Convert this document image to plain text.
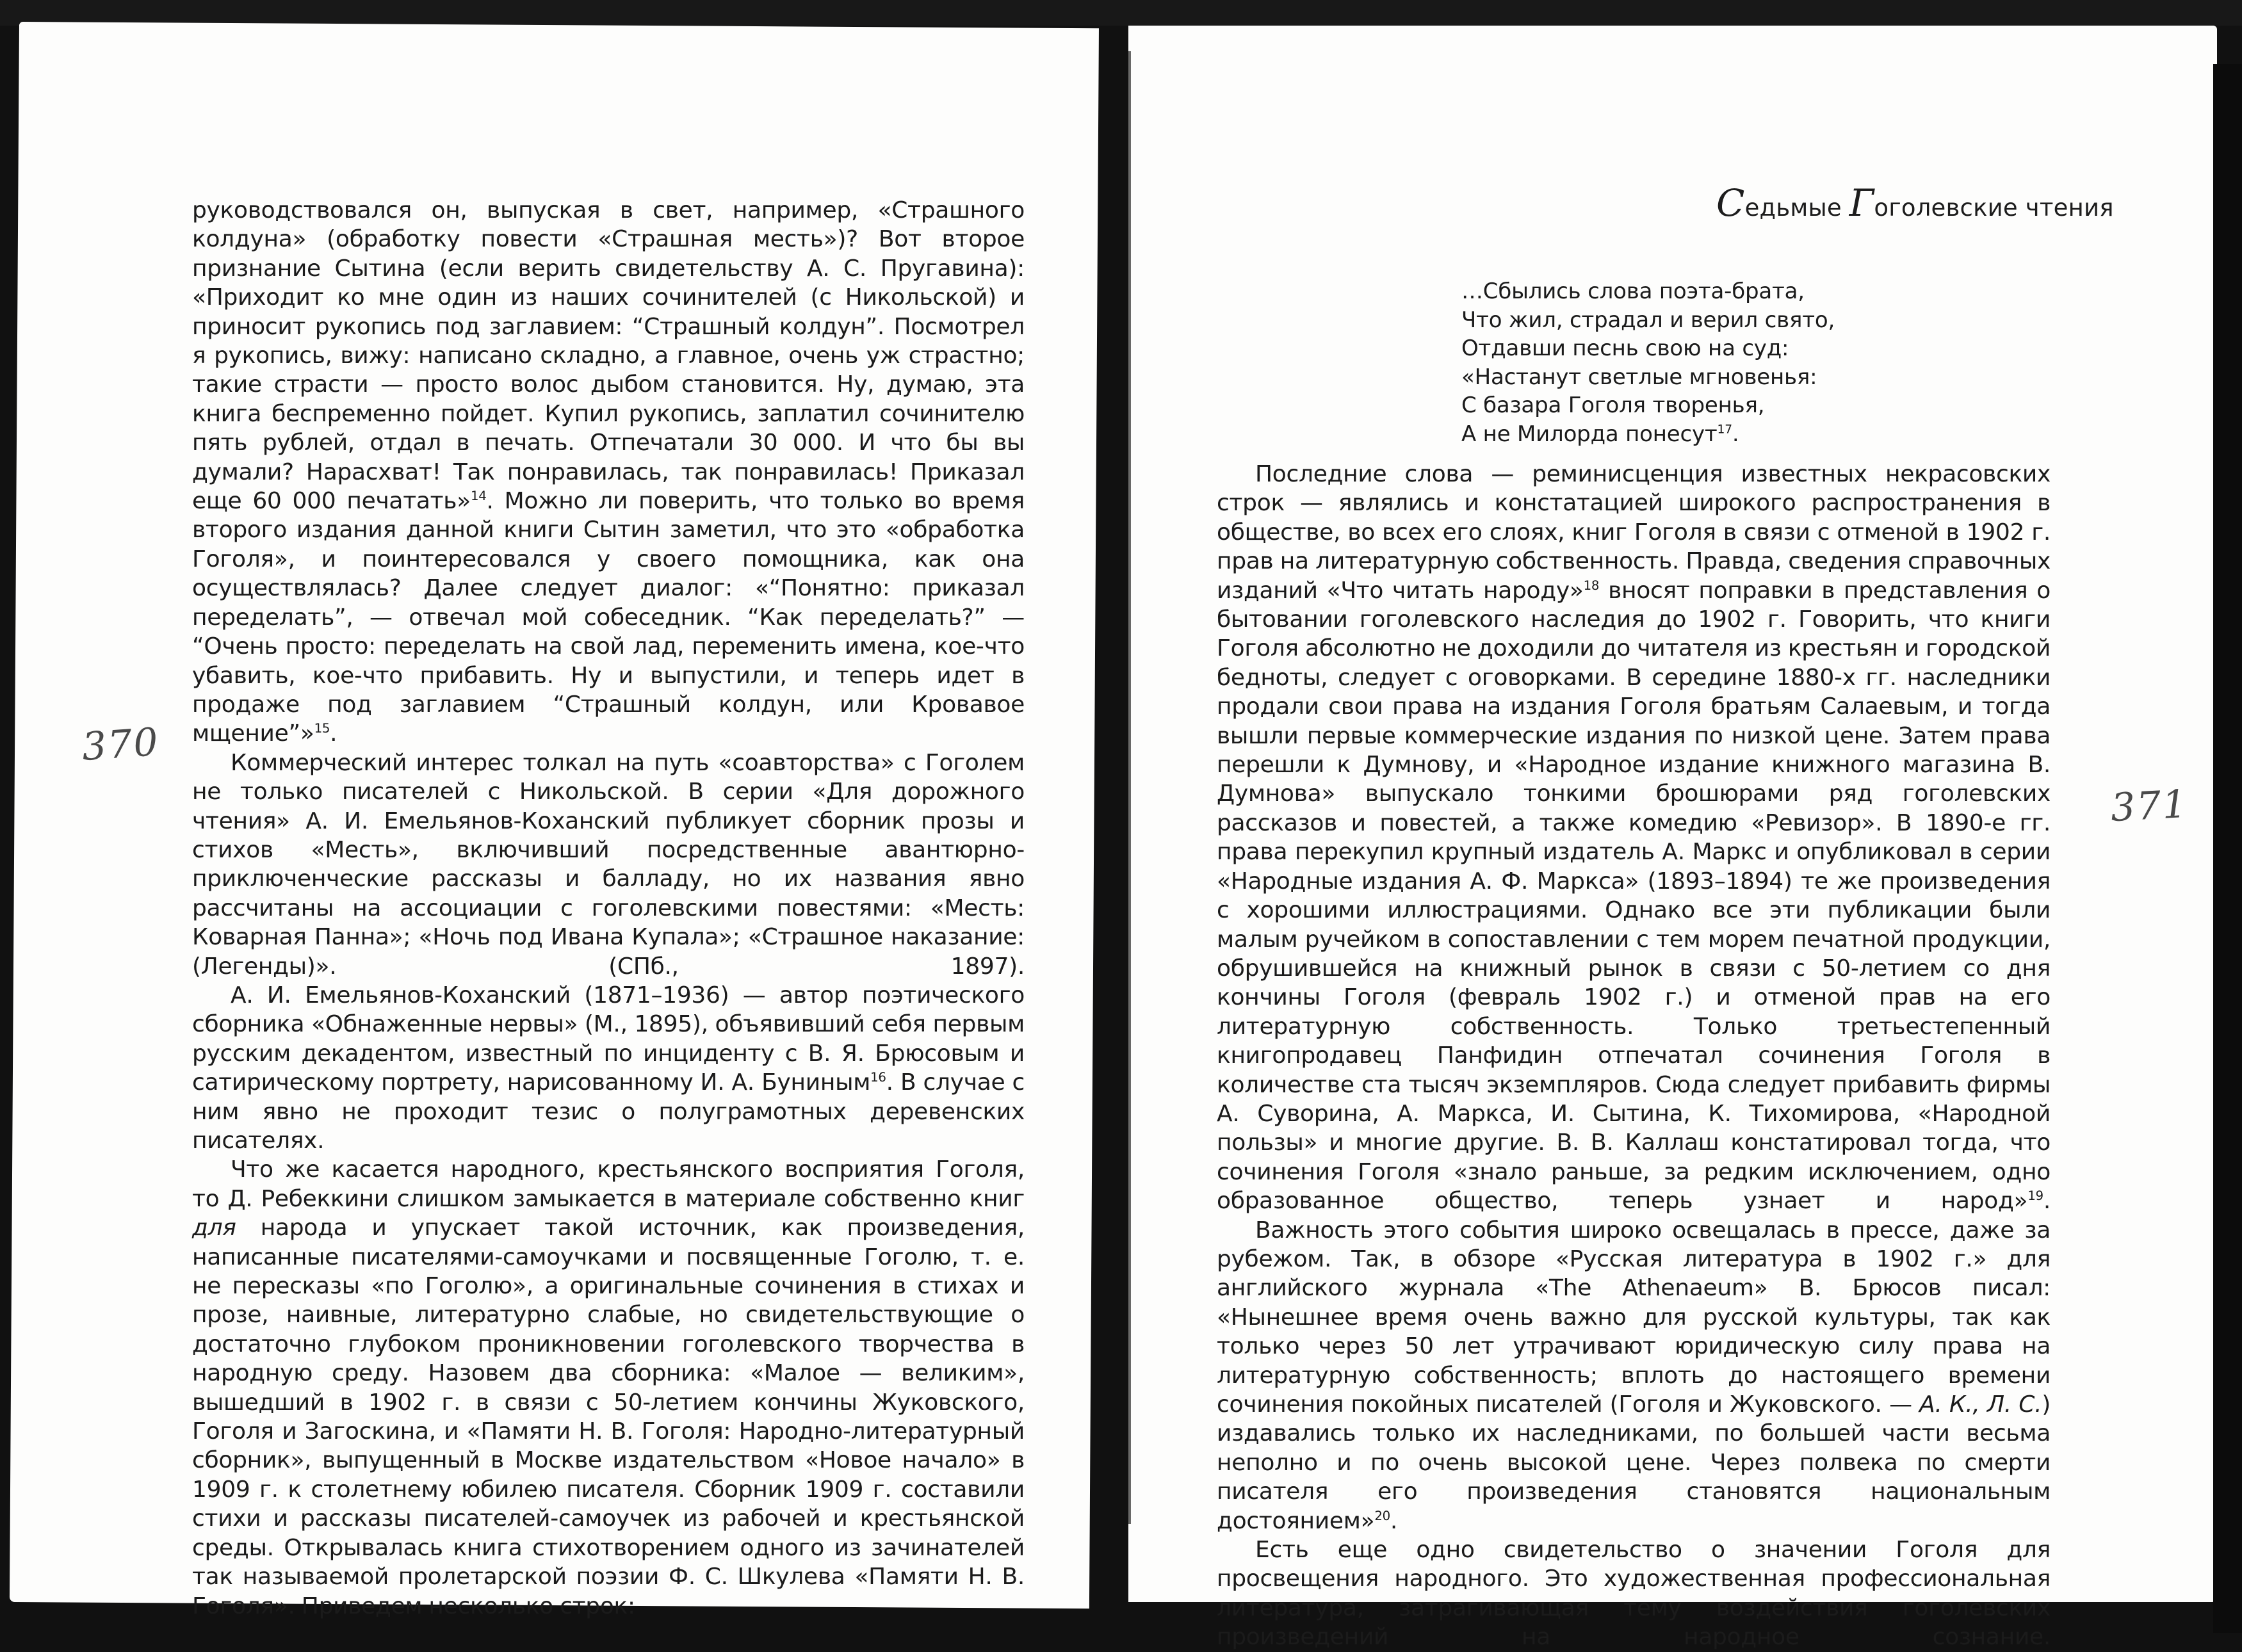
руководствовался он, выпуская в свет, например, «Страшного колдуна» (обработку повести «Страшная месть»)? Вот второе признание Сытина (если верить свидетельству А. С. Пругавина): «Приходит ко мне один из наших сочинителей (с Никольской) и приносит рукопись под заглавием: “Страшный колдун”. Посмотрел я рукопись, вижу: написано складно, а главное, очень уж страстно; такие страсти — просто волос дыбом становится. Ну, думаю, эта книга беспременно пойдет. Купил рукопись, заплатил сочинителю пять рублей, отдал в печать. Отпечатали 30 000. И что бы вы думали? Нарасхват! Так понравилась, так понравилась! Приказал еще 60 000 печатать»$^{14}$. Можно ли поверить, что только во время второго издания данной книги Сытин заметил, что это «обработка Гоголя», и поинтересовался у своего помощника, как она осуществлялась? Далее следует диалог: «“Понятно: приказал переделать”, — отвечал мой собеседник. “Как переделать?” — “Очень просто: переделать на свой лад, переменить имена, кое-что убавить, кое-что прибавить. Ну и выпустили, и теперь идет в продаже под заглавием “Страшный колдун, или Кровавое мщение”»$^{15}$.

Коммерческий интерес толкал на путь «соавторства» с Гоголем не только писателей с Никольской. В серии «Для дорожного чтения» А. И. Емельянов-Коханский публикует сборник прозы и стихов «Месть», включивший посредственные авантюрно-приключенческие рассказы и балладу, но их названия явно рассчитаны на ассоциации с гоголевскими повестями: «Месть: Коварная Панна»; «Ночь под Ивана Купала»; «Страшное наказание: (Легенды)». (СПб., 1897).

А. И. Емельянов-Коханский (1871–1936) — автор поэтического сборника «Обнаженные нервы» (М., 1895), объявивший себя первым русским декадентом, известный по инциденту с В. Я. Брюсовым и сатирическому портрету, нарисованному И. А. Буниным$^{16}$. В случае с ним явно не проходит тезис о полуграмотных деревенских писателях.

Что же касается народного, крестьянского восприятия Гоголя, то Д. Ребеккини слишком замыкается в материале собственно книг для народа и упускает такой источник, как произведения, написанные писателями-самоучками и посвященные Гоголю, т. е. не пересказы «по Гоголю», а оригинальные сочинения в стихах и прозе, наивные, литературно слабые, но свидетельствующие о достаточно глубоком проникновении гоголевского творчества в народную среду. Назовем два сборника: «Малое — великим», вышедший в 1902 г. в связи с 50-летием кончины Жуковского, Гоголя и Загоскина, и «Памяти Н. В. Гоголя: Народно-литературный сборник», выпущенный в Москве издательством «Новое начало» в 1909 г. к столетнему юбилею писателя. Сборник 1909 г. составили стихи и рассказы писателей-самоучек из рабочей и крестьянской среды. Открывалась книга стихотворением одного из зачинателей так называемой пролетарской поэзии Ф. С. Шкулева «Памяти Н. В. Гоголя». Приведем несколько строк:

370
Седьмые Гоголевские чтения
…Сбылись слова поэта-брата,
Что жил, страдал и верил свято,
Отдавши песнь свою на суд:
«Настанут светлые мгновенья:
С базара Гоголя творенья,
А не Милорда понесут$^{17}$.

Последние слова — реминисценция известных некрасовских строк — являлись и констатацией широкого распространения в обществе, во всех его слоях, книг Гоголя в связи с отменой в 1902 г. прав на литературную собственность. Правда, сведения справочных изданий «Что читать народу»$^{18}$ вносят поправки в представления о бытовании гоголевского наследия до 1902 г. Говорить, что книги Гоголя абсолютно не доходили до читателя из крестьян и городской бедноты, следует с оговорками. В середине 1880-х гг. наследники продали свои права на издания Гоголя братьям Салаевым, и тогда вышли первые коммерческие издания по низкой цене. Затем права перешли к Думнову, и «Народное издание книжного магазина В. Думнова» выпускало тонкими брошюрами ряд гоголевских рассказов и повестей, а также комедию «Ревизор». В 1890-е гг. права перекупил крупный издатель А. Маркс и опубликовал в серии «Народные издания А. Ф. Маркса» (1893–1894) те же произведения с хорошими иллюстрациями. Однако все эти публикации были малым ручейком в сопоставлении с тем морем печатной продукции, обрушившейся на книжный рынок в связи с 50-летием со дня кончины Гоголя (февраль 1902 г.) и отменой прав на его литературную собственность. Только третьестепенный книгопродавец Панфидин отпечатал сочинения Гоголя в количестве ста тысяч экземпляров. Сюда следует прибавить фирмы А. Суворина, А. Маркса, И. Сытина, К. Тихомирова, «Народной пользы» и многие другие. В. В. Каллаш констатировал тогда, что сочинения Гоголя «знало раньше, за редким исключением, одно образованное общество, теперь узнает и народ»$^{19}$.

Важность этого события широко освещалась в прессе, даже за рубежом. Так, в обзоре «Русская литература в 1902 г.» для английского журнала «The Athenaeum» В. Брюсов писал: «Нынешнее время очень важно для русской культуры, так как только через 50 лет утрачивают юридическую силу права на литературную собственность; вплоть до настоящего времени сочинения покойных писателей (Гоголя и Жуковского. — А. К., Л. С.) издавались только их наследниками, по большей части весьма неполно и по очень высокой цене. Через полвека по смерти писателя его произведения становятся национальным достоянием»$^{20}$.

Есть еще одно свидетельство о значении Гоголя для просвещения народного. Это художественная профессиональная литература, затрагивающая тему воздействия гоголевских произведений на народное сознание.

371
